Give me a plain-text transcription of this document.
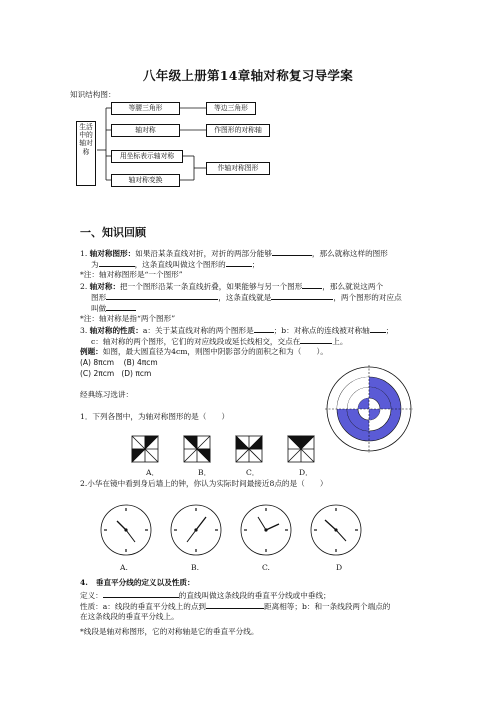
八年级上册第14章轴对称复习导学案
知识结构图：
生活中的轴对称
等腰三角形	等边三角形
轴对称	作图形的对称轴
用坐标表示轴对称
作轴对称图形
轴对称变换
一、知识回顾
1. 轴对称图形：如果沿某条直线对折，对折的两部分能够	，那么就称这样的图形
为	，这条直线叫做这个图形的	；
*注：轴对称图形是“一个图形”
2. 轴对称：把一个图形沿某一条直线折叠，如果能够与另一个图形	，那么就说这两个
图形	，这条直线就是	，两个图形的对应点
叫做
*注：轴对称是指“两个图形”
3. 轴对称的性质：a：关于某直线对称的两个图形是	；b：对称点的连线被对称轴 ；
c：轴对称的两个图形，它们的对应线段或延长线相交，交点在	上。
例题：如图，最大圆直径为4cm，则图中阴影部分的面积之和为（　　）。
(A) 8πcm (B) 4πcm
(C) 2πcm (D) πcm
经典练习选讲：
1．下列各图中，为轴对称图形的是（　　）
A．	B．	C．	D．
2.小华在镜中看到身后墙上的钟，你认为实际时间最接近8点的是（　　）
A.	B.	C.	D
4. 垂直平分线的定义以及性质：
定义：	的直线叫做这条线段的垂直平分线或中垂线；
性质：a：线段的垂直平分线上的点到	距离相等；b：和一条线段两个端点的
在这条线段的垂直平分线上。
*线段是轴对称图形，它的对称轴是它的垂直平分线。
